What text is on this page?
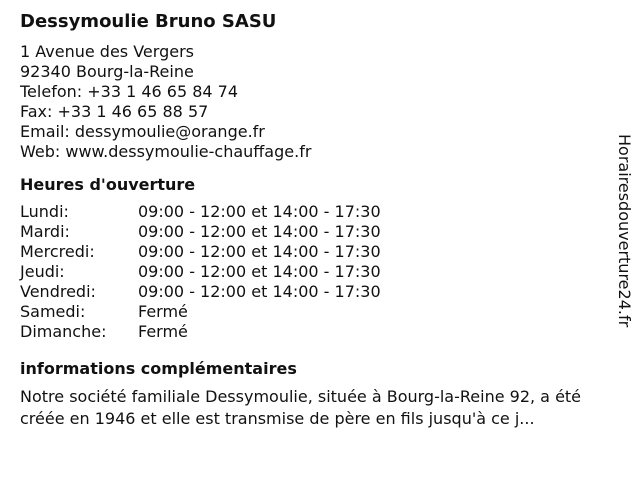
Dessymoulie Bruno SASU
1 Avenue des Vergers
92340 Bourg-la-Reine
Telefon: +33 1 46 65 84 74
Fax: +33 1 46 65 88 57
Email: dessymoulie@orange.fr
Web: www.dessymoulie-chauffage.fr
Heures d'ouverture
Lundi:	09:00 - 12:00 et 14:00 - 17:30
Mardi:	09:00 - 12:00 et 14:00 - 17:30
Mercredi:	09:00 - 12:00 et 14:00 - 17:30
Jeudi:	09:00 - 12:00 et 14:00 - 17:30
Vendredi:	09:00 - 12:00 et 14:00 - 17:30
Samedi:	Fermé
Dimanche:	Fermé
informations complémentaires
Notre société familiale Dessymoulie, située à Bourg-la-Reine 92, a été
créée en 1946 et elle est transmise de père en fils jusqu'à ce j...
Horairesdouverture24.fr
